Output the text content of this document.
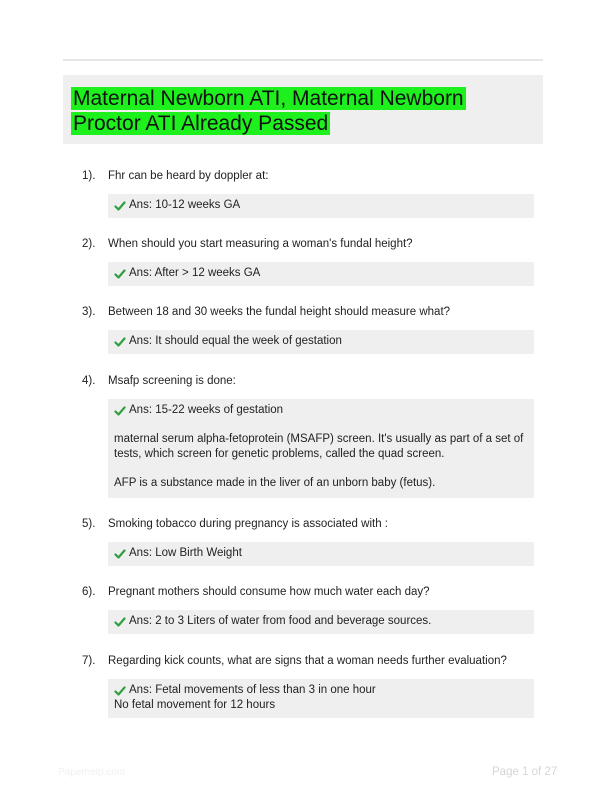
Maternal Newborn ATI, Maternal Newborn Proctor ATI Already Passed
1). Fhr can be heard by doppler at:
Ans: 10-12 weeks GA
2). When should you start measuring a woman's fundal height?
Ans: After > 12 weeks GA
3). Between 18 and 30 weeks the fundal height should measure what?
Ans: It should equal the week of gestation
4). Msafp screening is done:
Ans: 15-22 weeks of gestation

maternal serum alpha-fetoprotein (MSAFP) screen. It's usually as part of a set of tests, which screen for genetic problems, called the quad screen.

AFP is a substance made in the liver of an unborn baby (fetus).

5). Smoking tobacco during pregnancy is associated with :
Ans: Low Birth Weight
6). Pregnant mothers should consume how much water each day?
Ans: 2 to 3 Liters of water from food and beverage sources.
7). Regarding kick counts, what are signs that a woman needs further evaluation?
Ans: Fetal movements of less than 3 in one hour

No fetal movement for 12 hours

Paperhelp.com	Page 1 of 27
